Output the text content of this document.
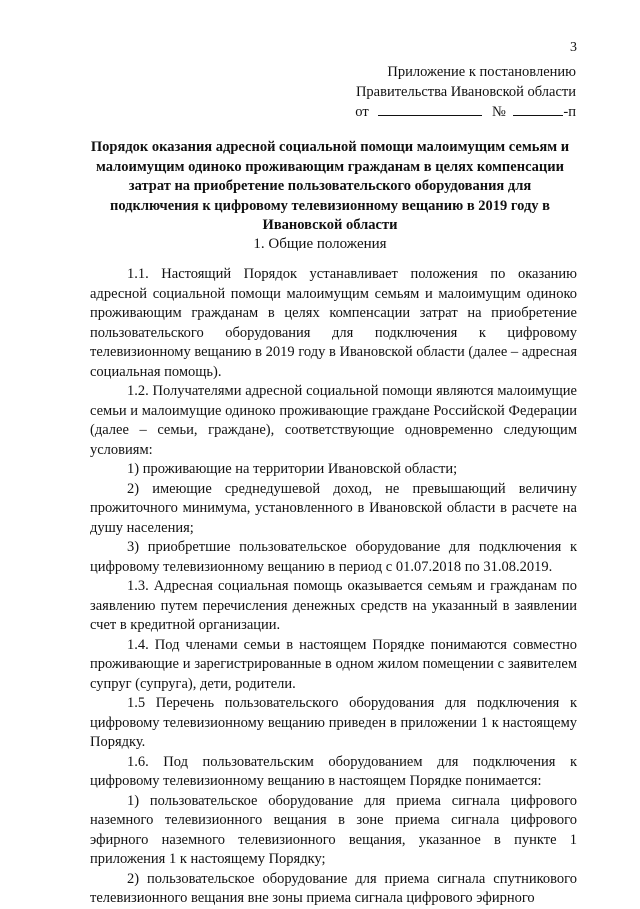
3
Приложение к постановлению
Правительства Ивановской области
от	№	-п
Порядок оказания адресной социальной помощи малоимущим семьям и малоимущим одиноко проживающим гражданам в целях компенсации затрат на приобретение пользовательского оборудования для подключения к цифровому телевизионному вещанию в 2019 году в Ивановской области
1. Общие положения

1.1. Настоящий Порядок устанавливает положения по оказанию адресной социальной помощи малоимущим семьям и малоимущим одиноко проживающим гражданам в целях компенсации затрат на приобретение пользовательского оборудования для подключения к цифровому телевизионному вещанию в 2019 году в Ивановской области (далее – адресная социальная помощь).

1.2. Получателями адресной социальной помощи являются малоимущие семьи и малоимущие одиноко проживающие граждане Российской Федерации (далее – семьи, граждане), соответствующие одновременно следующим условиям:

1) проживающие на территории Ивановской области;

2) имеющие среднедушевой доход, не превышающий величину прожиточного минимума, установленного в Ивановской области в расчете на душу населения;

3) приобретшие пользовательское оборудование для подключения к цифровому телевизионному вещанию в период с 01.07.2018 по 31.08.2019.

1.3. Адресная социальная помощь оказывается семьям и гражданам по заявлению путем перечисления денежных средств на указанный в заявлении счет в кредитной организации.

1.4. Под членами семьи в настоящем Порядке понимаются совместно проживающие и зарегистрированные в одном жилом помещении с заявителем супруг (супруга), дети, родители.

1.5 Перечень пользовательского оборудования для подключения к цифровому телевизионному вещанию приведен в приложении 1 к настоящему Порядку.

1.6. Под пользовательским оборудованием для подключения к цифровому телевизионному вещанию в настоящем Порядке понимается:

1) пользовательское оборудование для приема сигнала цифрового наземного телевизионного вещания в зоне приема сигнала цифрового эфирного наземного телевизионного вещания, указанное в пункте 1 приложения 1 к настоящему Порядку;

2) пользовательское оборудование для приема сигнала спутникового телевизионного вещания вне зоны приема сигнала цифрового эфирного
